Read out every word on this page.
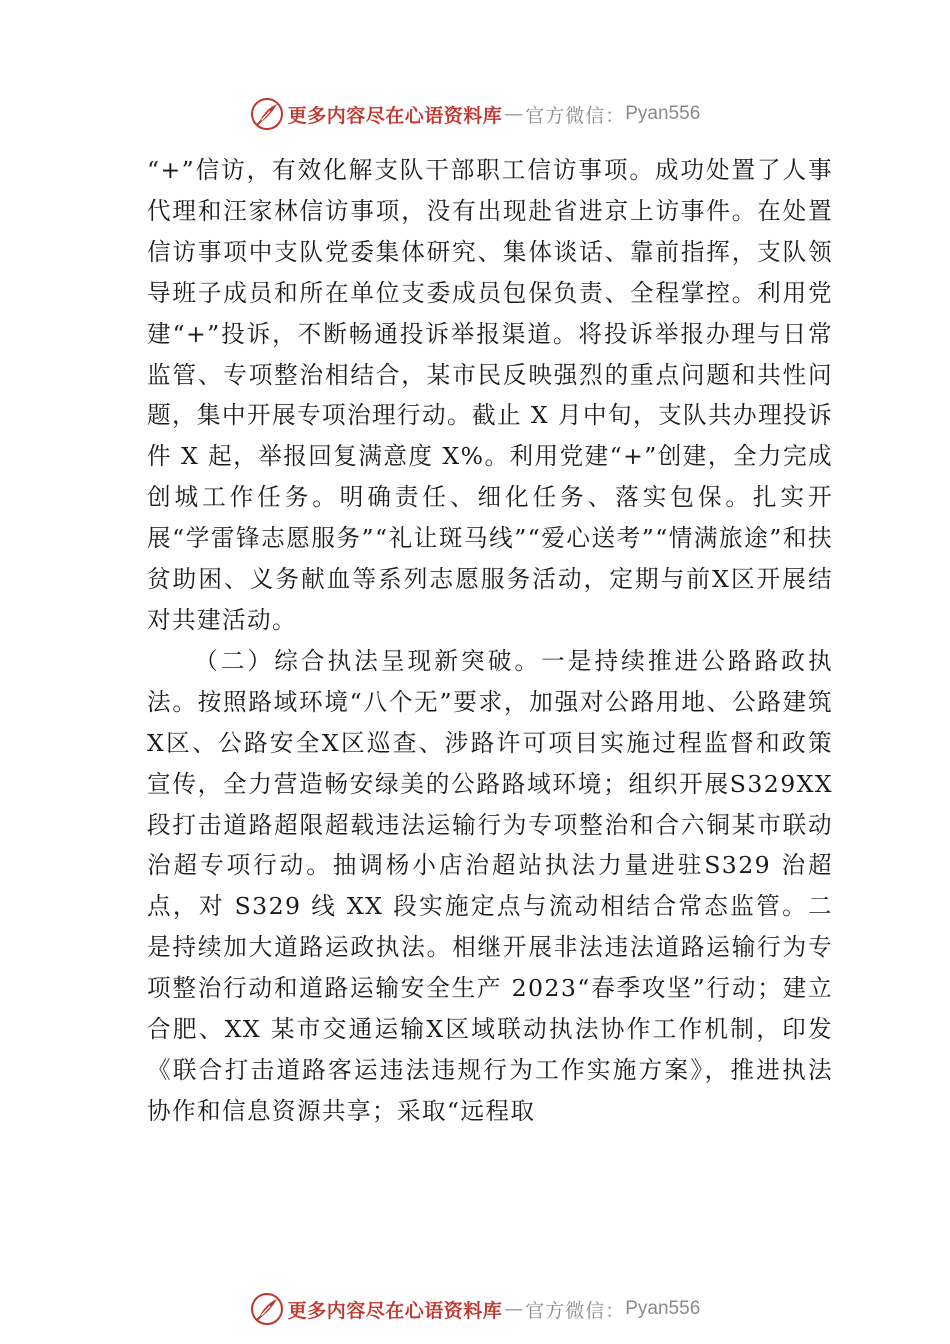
更多内容尽在心语资料库 — 官方微信： Pyan556

“+”信访，有效化解支队干部职工信访事项。成功处置了人事代理和汪家林信访事项，没有出现赴省进京上访事件。在处置信访事项中支队党委集体研究、集体谈话、靠前指挥，支队领导班子成员和所在单位支委成员包保负责、全程掌控。利用党建“+”投诉，不断畅通投诉举报渠道。将投诉举报办理与日常监管、专项整治相结合，某市民反映强烈的重点问题和共性问题，集中开展专项治理行动。截止 X 月中旬，支队共办理投诉件 X 起，举报回复满意度 X%。利用党建“+”创建，全力完成创城工作任务。明确责任、细化任务、落实包保。扎实开展“学雷锋志愿服务”“礼让斑马线”“爱心送考”“情满旅途”和扶贫助困、义务献血等系列志愿服务活动，定期与前Ⅹ区开展结对共建活动。

（二）综合执法呈现新突破。一是持续推进公路路政执法。按照路域环境“八个无”要求，加强对公路用地、公路建筑Ⅹ区、公路安全Ⅹ区巡查、涉路许可项目实施过程监督和政策宣传，全力营造畅安绿美的公路路域环境；组织开展S329XX 段打击道路超限超载违法运输行为专项整治和合六铜某市联动治超专项行动。抽调杨小店治超站执法力量进驻S329 治超点，对 S329 线 XX 段实施定点与流动相结合常态监管。二是持续加大道路运政执法。相继开展非法违法道路运输行为专项整治行动和道路运输安全生产 2023“春季攻坚”行动；建立合肥、XX 某市交通运输Ⅹ区域联动执法协作工作机制，印发《联合打击道路客运违法违规行为工作实施方案》，推进执法协作和信息资源共享；采取“远程取

更多内容尽在心语资料库 — 官方微信： Pyan556
